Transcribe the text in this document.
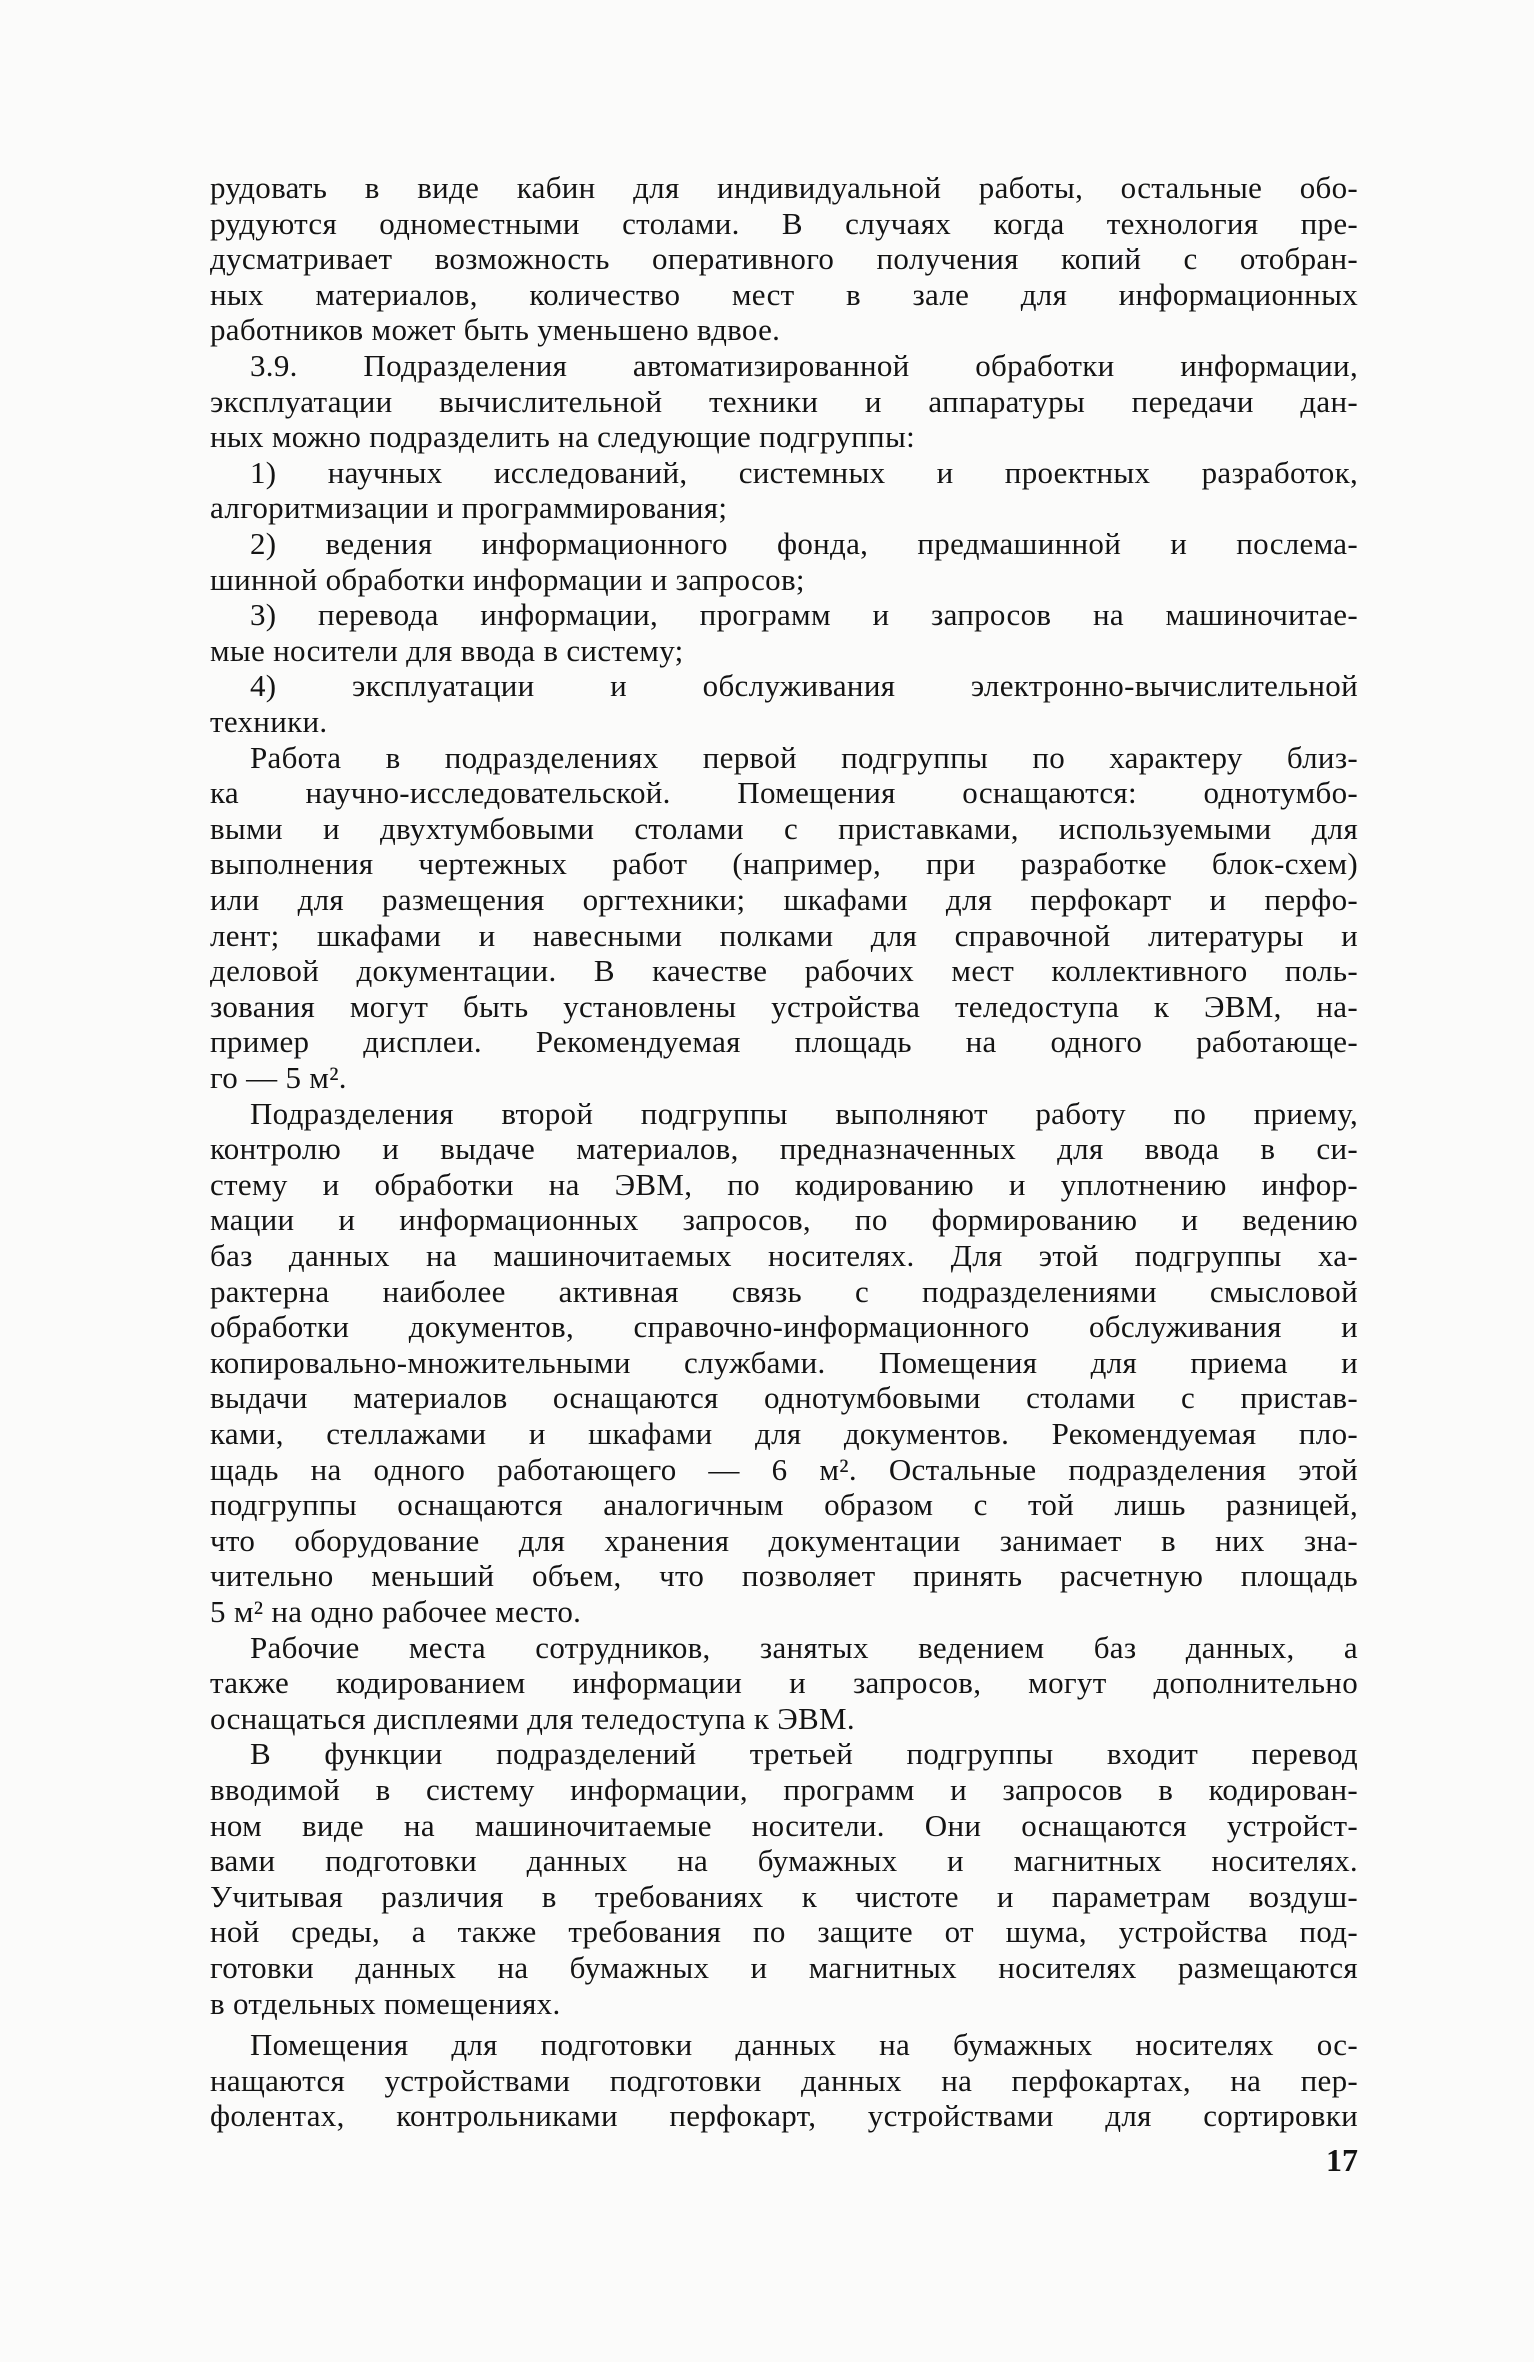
рудовать в виде кабин для индивидуальной работы, остальные обо-
рудуются одноместными столами. В случаях когда технология пре-
дусматривает возможность оперативного получения копий с отобран-
ных материалов, количество мест в зале для информационных
работников может быть уменьшено вдвое.
3.9. Подразделения автоматизированной обработки информации,
эксплуатации вычислительной техники и аппаратуры передачи дан-
ных можно подразделить на следующие подгруппы:
1) научных исследований, системных и проектных разработок,
алгоритмизации и программирования;
2) ведения информационного фонда, предмашинной и послема-
шинной обработки информации и запросов;
3) перевода информации, программ и запросов на машиночитае-
мые носители для ввода в систему;
4) эксплуатации и обслуживания электронно-вычислительной
техники.
Работа в подразделениях первой подгруппы по характеру близ-
ка научно-исследовательской. Помещения оснащаются: однотумбо-
выми и двухтумбовыми столами с приставками, используемыми для
выполнения чертежных работ (например, при разработке блок-схем)
или для размещения оргтехники; шкафами для перфокарт и перфо-
лент; шкафами и навесными полками для справочной литературы и
деловой документации. В качестве рабочих мест коллективного поль-
зования могут быть установлены устройства теледоступа к ЭВМ, на-
пример дисплеи. Рекомендуемая площадь на одного работающе-
го — 5 м².
Подразделения второй подгруппы выполняют работу по приему,
контролю и выдаче материалов, предназначенных для ввода в си-
стему и обработки на ЭВМ, по кодированию и уплотнению инфор-
мации и информационных запросов, по формированию и ведению
баз данных на машиночитаемых носителях. Для этой подгруппы ха-
рактерна наиболее активная связь с подразделениями смысловой
обработки документов, справочно-информационного обслуживания и
копировально-множительными службами. Помещения для приема и
выдачи материалов оснащаются однотумбовыми столами с пристав-
ками, стеллажами и шкафами для документов. Рекомендуемая пло-
щадь на одного работающего — 6 м². Остальные подразделения этой
подгруппы оснащаются аналогичным образом с той лишь разницей,
что оборудование для хранения документации занимает в них зна-
чительно меньший объем, что позволяет принять расчетную площадь
5 м² на одно рабочее место.
Рабочие места сотрудников, занятых ведением баз данных, а
также кодированием информации и запросов, могут дополнительно
оснащаться дисплеями для теледоступа к ЭВМ.
В функции подразделений третьей подгруппы входит перевод
вводимой в систему информации, программ и запросов в кодирован-
ном виде на машиночитаемые носители. Они оснащаются устройст-
вами подготовки данных на бумажных и магнитных носителях.
Учитывая различия в требованиях к чистоте и параметрам воздуш-
ной среды, а также требования по защите от шума, устройства под-
готовки данных на бумажных и магнитных носителях размещаются
в отдельных помещениях.
Помещения для подготовки данных на бумажных носителях ос-
нащаются устройствами подготовки данных на перфокартах, на пер-
фолентах, контрольниками перфокарт, устройствами для сортировки
17
